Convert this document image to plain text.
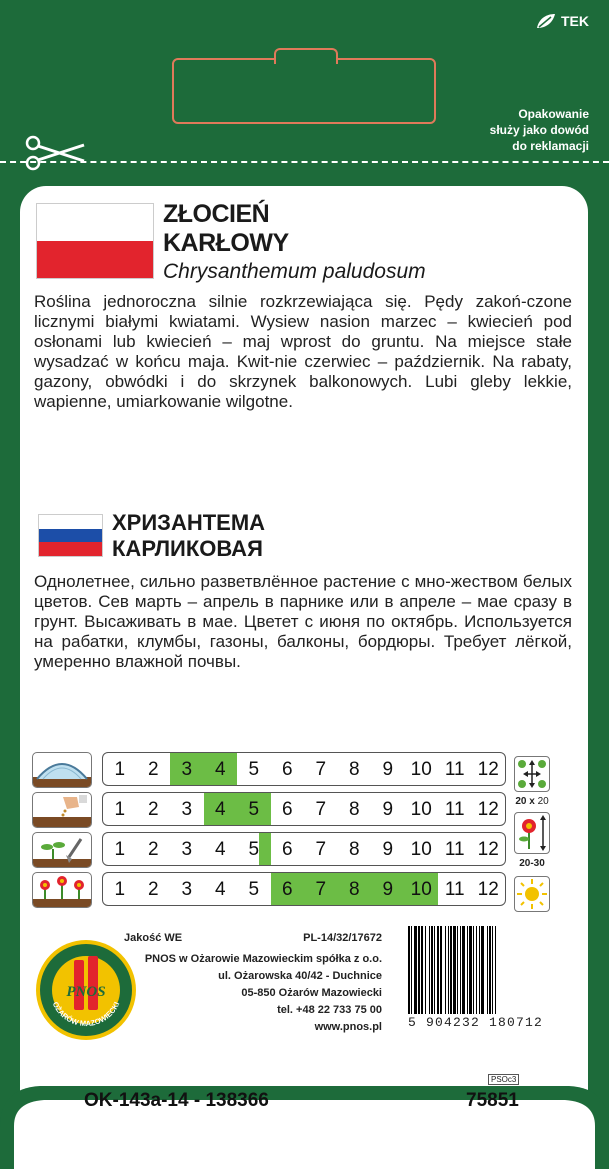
TEK
Opakowanie
służy jako dowód
do reklamacji
ZŁOCIEŃ
KARŁOWY
Chrysanthemum paludosum
Roślina jednoroczna silnie rozkrzewiająca się. Pędy zakoń-czone licznymi białymi kwiatami. Wysiew nasion marzec – kwiecień pod osłonami lub kwiecień – maj wprost do gruntu. Na miejsce stałe wysadzać w końcu maja. Kwit-nie czerwiec – październik. Na rabaty, gazony, obwódki i do skrzynek balkonowych. Lubi gleby lekkie, wapienne, umiarkowanie wilgotne.
ХРИЗАНТЕМА
КАРЛИКОВАЯ
Однолетнее, сильно разветвлённое растение с мно-жеством белых цветов. Сев марть – апрель в парнике или в апреле – мае сразу в грунт. Высаживать в мае. Цветет с июня по октябрь. Используется на рабатки, клумбы, газоны, балконы, бордюры. Требует лёгкой, умеренно влажной почвы.
1	2	3	4	5	6	7	8	9 10 11 12
1	2	3	4	5	6	7	8	9 10 11 12
1	2	3	4	5	6	7	8	9 10 11 12
1	2	3	4	5	6	7	8	9 10 11 12
20 x 20
20-30
PNOS
OŻARÓW MAZOWIECKI
Jakość WE	PL-14/32/17672
PNOS w Ożarowie Mazowieckim spółka z o.o.
ul. Ożarowska 40/42 - Duchnice
05-850 Ożarów Mazowiecki
tel. +48 22 733 75 00
www.pnos.pl 5 904232 180712
PSOc3
OK-143a-14 - 138366	75851
